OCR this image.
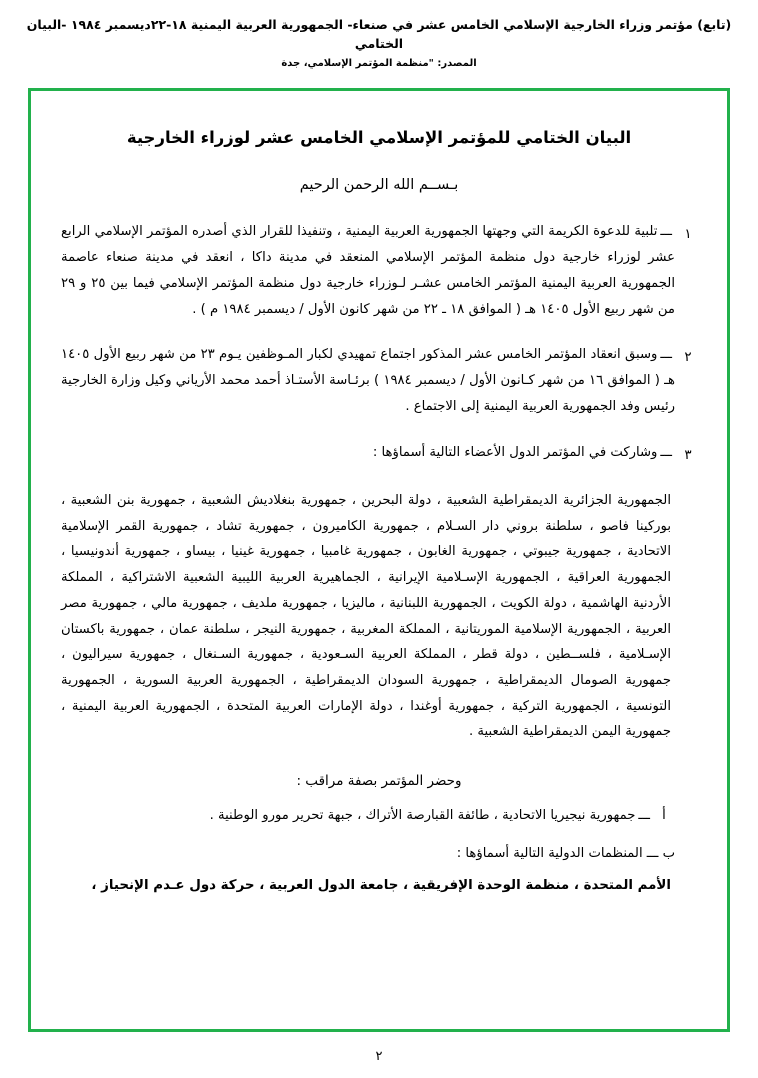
(تابع) مؤتمر وزراء الخارجية الإسلامي الخامس عشر في صنعاء- الجمهورية العربية اليمنية ١٨-٢٢ديسمبر ١٩٨٤ -البيان الختامي
المصدر: "منظمة المؤتمر الإسلامي، جدة
البيان الختامي للمؤتمر الإسلامي الخامس عشر لوزراء الخارجية
بـســم الله الرحمن الرحيم
١
ـــتلبية للدعوة الكريمة التي وجهتها الجمهورية العربية اليمنية ، وتنفيذا للقرار الذي أصدره المؤتمر الإسلامي الرابع عشر لوزراء خارجية دول منظمة المؤتمر الإسلامي المنعقد في مدينة داكا ، انعقد في مدينة صنعاء عاصمة الجمهورية العربية اليمنية المؤتمر الخامس عشـر لـوزراء خارجية دول منظمة المؤتمر الإسلامي فيما بين ٢٥ و ٢٩ من شهر ربيع الأول ١٤٠٥ هـ ( الموافق ١٨ ـ ٢٢ من شهر كانون الأول / ديسمبر ١٩٨٤ م ) .
٢
ـــوسبق انعقاد المؤتمر الخامس عشر المذكور اجتماع تمهيدي لكبار المـوظفين يـوم ٢٣ من شهر ربيع الأول ١٤٠٥ هـ ( الموافق ١٦ من شهر كـانون الأول / ديسمبر ١٩٨٤ ) برئـاسة الأستـاذ أحمد محمد الأرياني وكيل وزارة الخارجية رئيس وفد الجمهورية العربية اليمنية إلى الاجتماع .
٣
ـــوشاركت في المؤتمر الدول الأعضاء التالية أسماؤها :
الجمهورية الجزائرية الديمقراطية الشعبية ، دولة البحرين ، جمهورية بنغلاديش الشعبية ، جمهورية بنن الشعبية ، بوركينا فاصو ، سلطنة بروني دار السـلام ، جمهورية الكاميرون ، جمهورية تشاد ، جمهورية القمر الإسلامية الاتحادية ، جمهورية جيبوتي ، جمهورية الغابون ، جمهورية غامبيا ، جمهورية غينيا ، بيساو ، جمهورية أندونيسيا ، الجمهورية العراقية ، الجمهورية الإسـلامية الإيرانية ، الجماهيرية العربية الليبية الشعبية الاشتراكية ، المملكة الأردنية الهاشمية ، دولة الكويت ، الجمهورية اللبنانية ، ماليزيا ، جمهورية ملديف ، جمهورية مالي ، جمهورية مصر العربية ، الجمهورية الإسلامية الموريتانية ، المملكة المغربية ، جمهورية النيجر ، سلطنة عمان ، جمهورية باكستان الإسـلامية ، فلســطين ، دولة قطر ، المملكة العربية السـعودية ، جمهورية السـنغال ، جمهورية سيراليون ، جمهورية الصومال الديمقراطية ، جمهورية السودان الديمقراطية ، الجمهورية العربية السورية ، الجمهورية التونسية ، الجمهورية التركية ، جمهورية أوغندا ، دولة الإمارات العربية المتحدة ، الجمهورية العربية اليمنية ، جمهورية اليمن الديمقراطية الشعبية .
وحضر المؤتمر بصفة مراقب :
أ
ـــجمهورية نيجيريا الاتحادية ، طائفة القبارصة الأتراك ، جبهة تحرير مورو الوطنية .
ب ـــ المنظمات الدولية التالية أسماؤها :
الأمم المتحدة ، منظمة الوحدة الإفريقية ، جامعة الدول العربية ، حركة دول عـدم الإنحياز ،
٢
